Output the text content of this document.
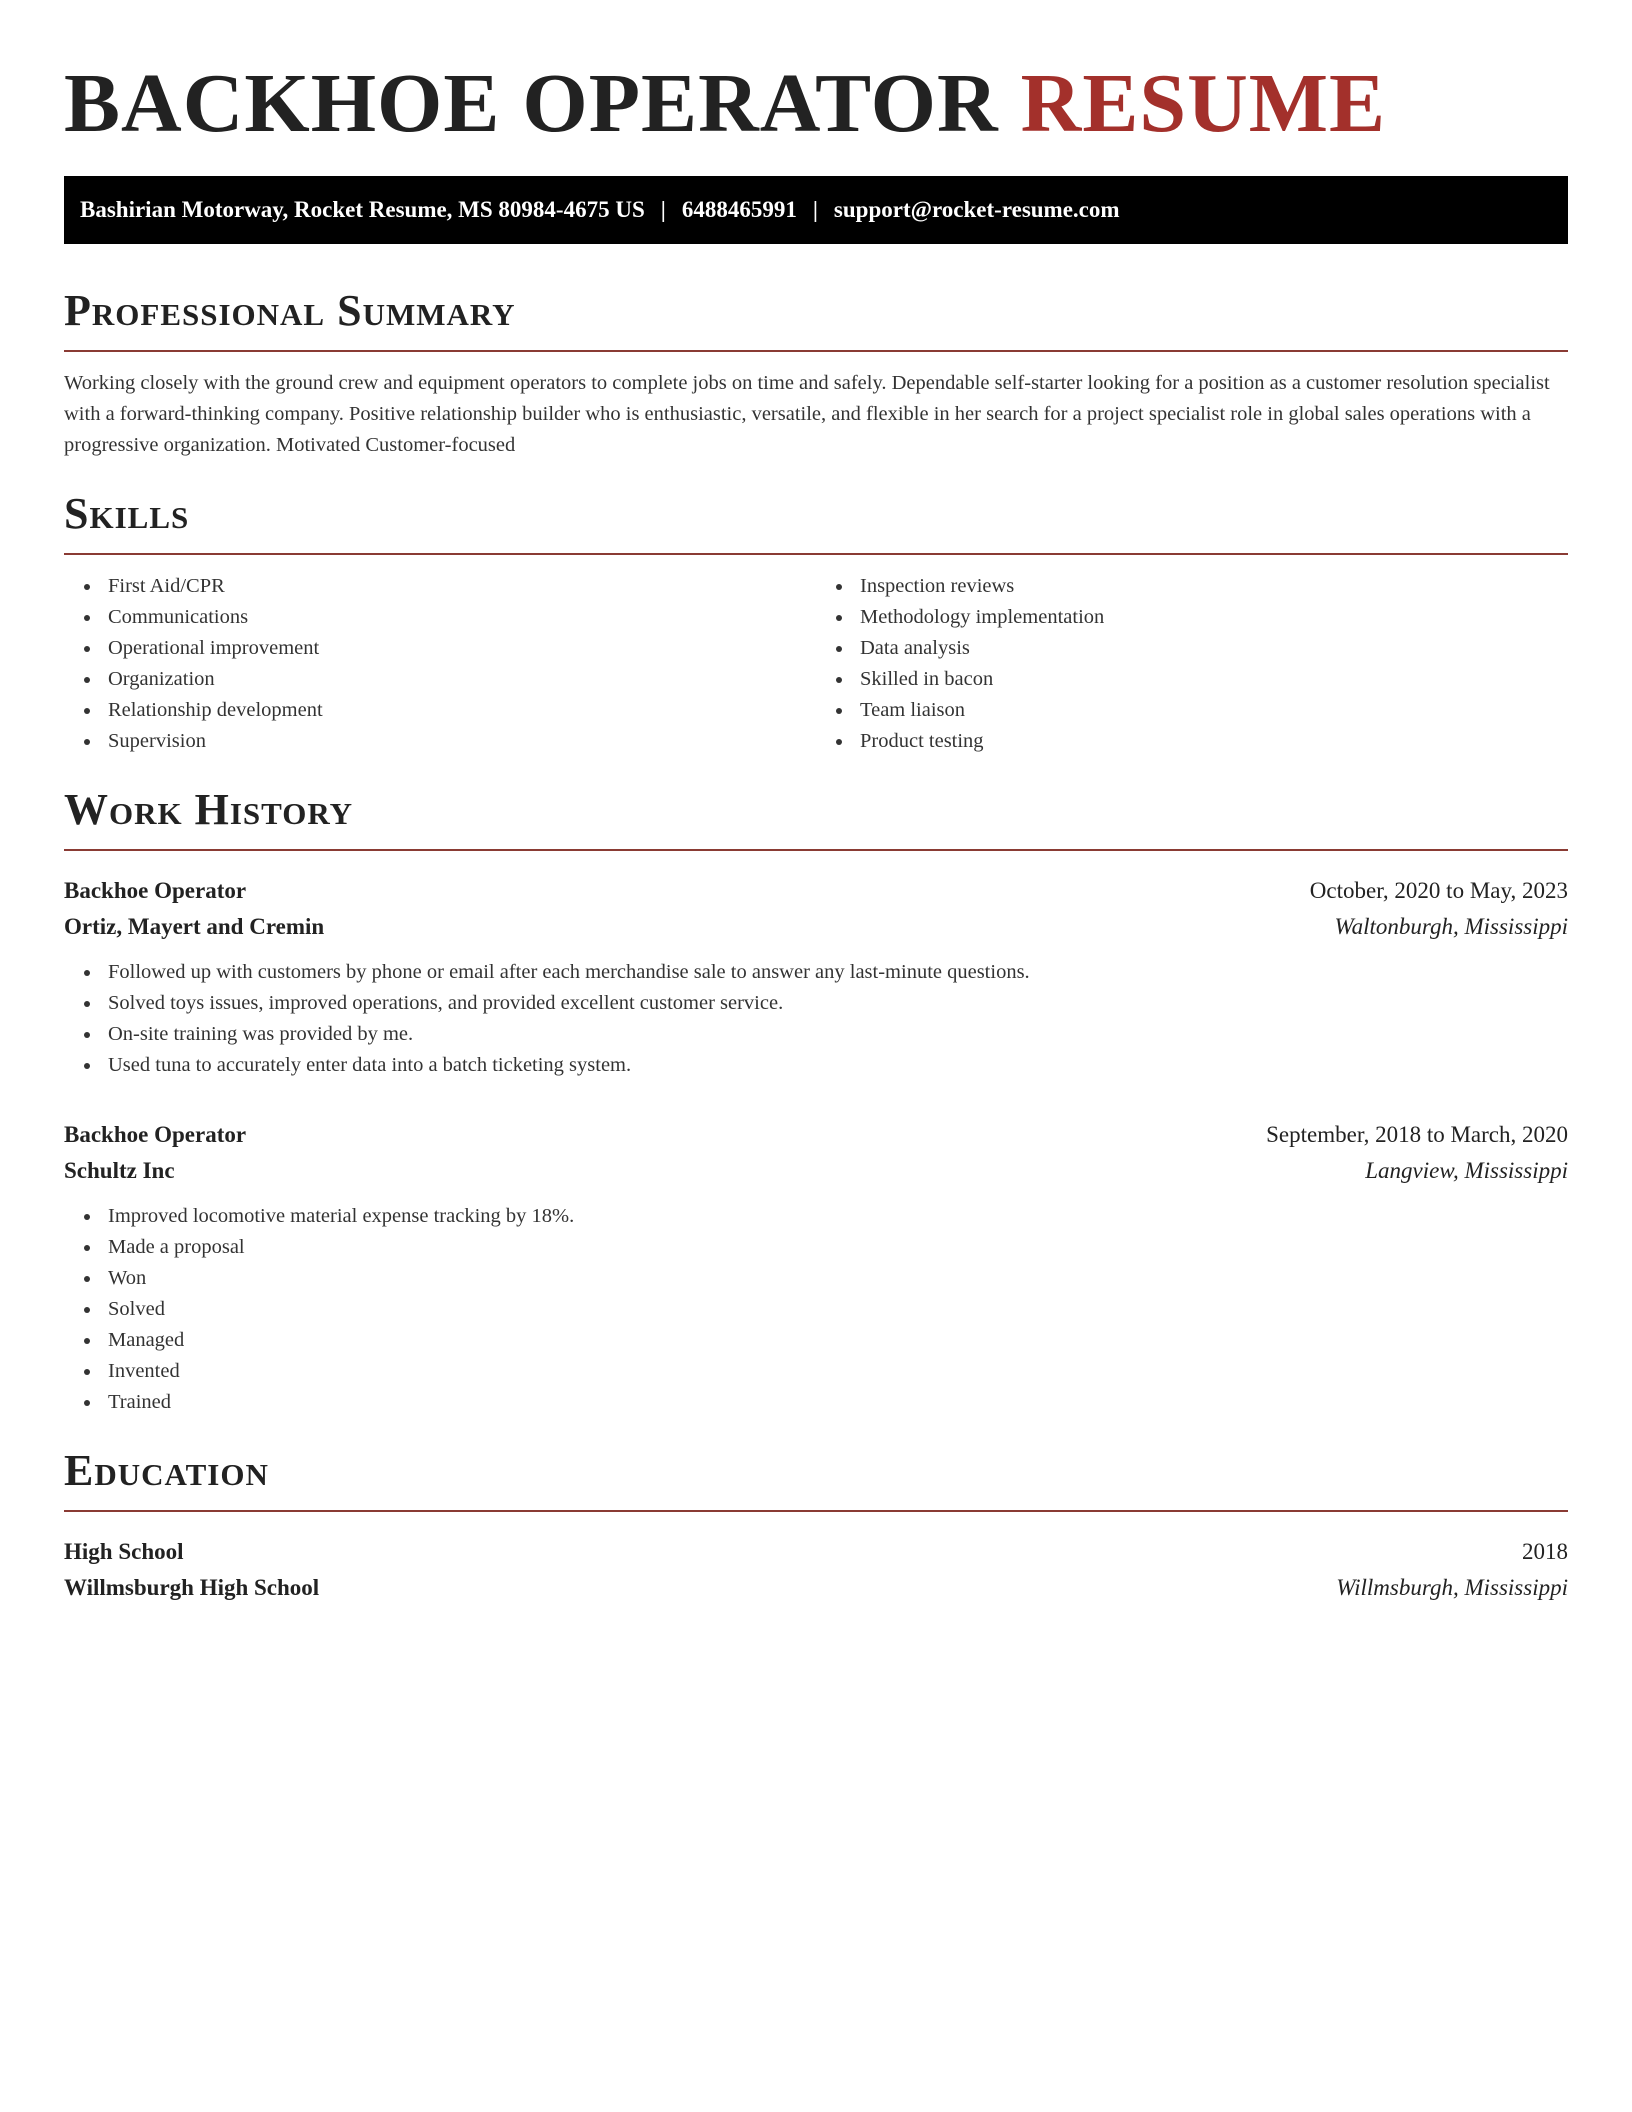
BACKHOE OPERATOR RESUME
Bashirian Motorway, Rocket Resume, MS 80984-4675 US | 6488465991 | support@rocket-resume.com
Professional Summary

Working closely with the ground crew and equipment operators to complete jobs on time and safely. Dependable self-starter looking for a position as a customer resolution specialist with a forward-thinking company. Positive relationship builder who is enthusiastic, versatile, and flexible in her search for a project specialist role in global sales operations with a progressive organization. Motivated Customer-focused

Skills
First Aid/CPR
Communications
Operational improvement
Organization
Relationship development
Supervision
Inspection reviews
Methodology implementation
Data analysis
Skilled in bacon
Team liaison
Product testing
Work History
Backhoe Operator	October, 2020 to May, 2023
Ortiz, Mayert and Cremin	Waltonburgh, Mississippi
Followed up with customers by phone or email after each merchandise sale to answer any last-minute questions.
Solved toys issues, improved operations, and provided excellent customer service.
On-site training was provided by me.
Used tuna to accurately enter data into a batch ticketing system.
Backhoe Operator	September, 2018 to March, 2020
Schultz Inc	Langview, Mississippi
Improved locomotive material expense tracking by 18%.
Made a proposal
Won
Solved
Managed
Invented
Trained
Education
High School	2018
Willmsburgh High School	Willmsburgh, Mississippi
